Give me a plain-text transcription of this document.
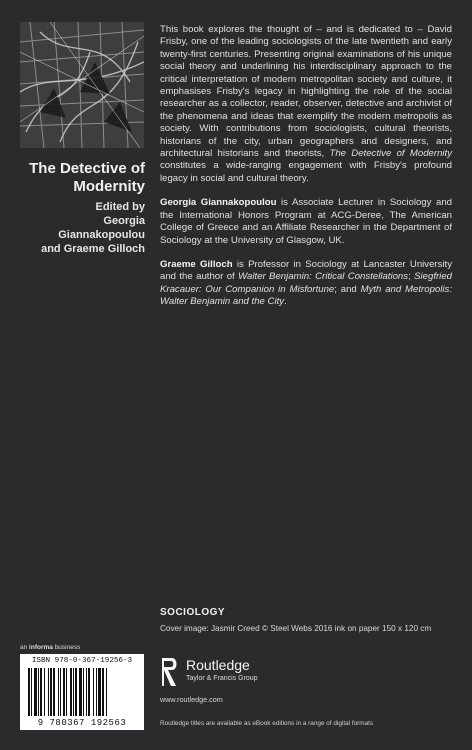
The Detective of
Modernity
Edited by
Georgia Giannakopoulou
and Graeme Gilloch

This book explores the thought of – and is dedicated to – David Frisby, one of the leading sociologists of the late twentieth and early twenty-first centuries. Presenting original examinations of his unique social theory and underlining his interdisciplinary approach to the critical interpretation of modern metropolitan society and culture, it emphasises Frisby's legacy in highlighting the role of the social researcher as a collector, reader, observer, detective and archivist of the phenomena and ideas that exemplify the modern metropolis as society. With contributions from sociologists, cultural theorists, historians of the city, urban geographers and designers, and architectural historians and theorists, The Detective of Modernity constitutes a wide-ranging engagement with Frisby's profound legacy in social and cultural theory.

Georgia Giannakopoulou is Associate Lecturer in Sociology and the International Honors Program at ACG-Deree, The American College of Greece and an Affiliate Researcher in the Department of Sociology at the University of Glasgow, UK.

Graeme Gilloch is Professor in Sociology at Lancaster University and the author of Walter Benjamin: Critical Constellations; Siegfried Kracauer: Our Companion in Misfortune; and Myth and Metropolis: Walter Benjamin and the City.

SOCIOLOGY
Cover image: Jasmir Creed © Steel Webs 2016 ink on paper 150 x 120 cm
an informa business
ISBN 978-0-367-19256-3
9 780367 192563
Routledge
Taylor & Francis Group
www.routledge.com
Routledge titles are available as eBook editions in a range of digital formats
